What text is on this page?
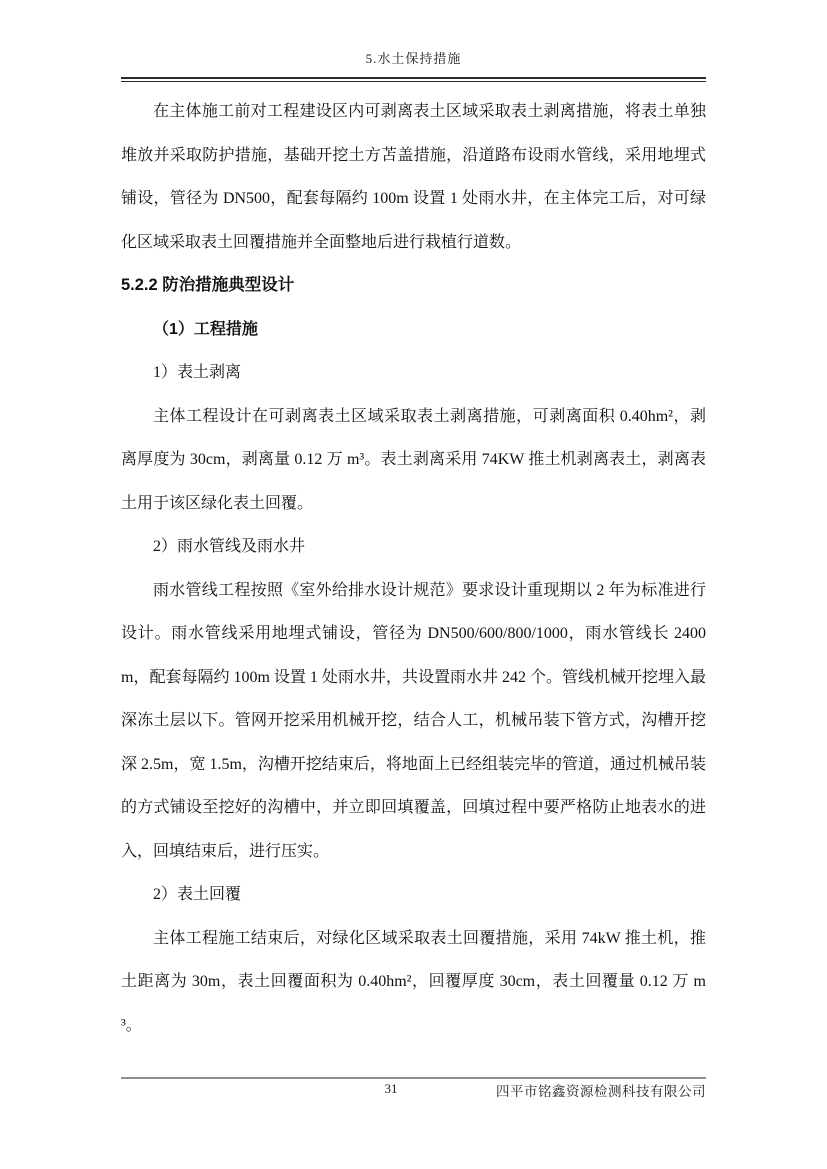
5.水土保持措施

在主体施工前对工程建设区内可剥离表土区域采取表土剥离措施，将表土单独堆放并采取防护措施，基础开挖土方苫盖措施，沿道路布设雨水管线，采用地埋式铺设，管径为 DN500，配套每隔约 100m 设置 1 处雨水井，在主体完工后，对可绿化区域采取表土回覆措施并全面整地后进行栽植行道数。

5.2.2 防治措施典型设计
（1）工程措施

1）表土剥离

主体工程设计在可剥离表土区域采取表土剥离措施，可剥离面积 0.40hm²，剥离厚度为 30cm，剥离量 0.12 万 m³。表土剥离采用 74KW 推土机剥离表土，剥离表土用于该区绿化表土回覆。

2）雨水管线及雨水井

雨水管线工程按照《室外给排水设计规范》要求设计重现期以 2 年为标准进行设计。雨水管线采用地埋式铺设，管径为 DN500/600/800/1000，雨水管线长 2400m，配套每隔约 100m 设置 1 处雨水井，共设置雨水井 242 个。管线机械开挖埋入最深冻土层以下。管网开挖采用机械开挖，结合人工，机械吊装下管方式，沟槽开挖深 2.5m，宽 1.5m，沟槽开挖结束后，将地面上已经组装完毕的管道，通过机械吊装的方式铺设至挖好的沟槽中，并立即回填覆盖，回填过程中要严格防止地表水的进入，回填结束后，进行压实。

2）表土回覆

主体工程施工结束后，对绿化区域采取表土回覆措施，采用 74kW 推土机，推土距离为 30m，表土回覆面积为 0.40hm²，回覆厚度 30cm，表土回覆量 0.12 万 m³。

31	四平市铭鑫资源检测科技有限公司
